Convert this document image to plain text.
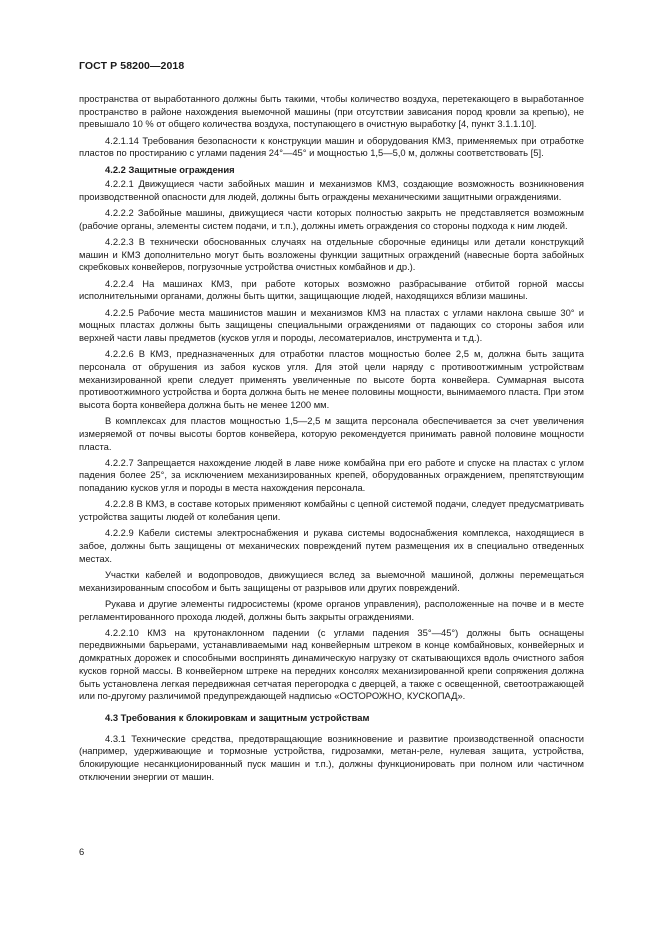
ГОСТ Р 58200—2018
пространства от выработанного должны быть такими, чтобы количество воздуха, перетекающего в выработанное пространство в районе нахождения выемочной машины (при отсутствии зависания пород кровли за крепью), не превышало 10 % от общего количества воздуха, поступающего в очистную выработку [4, пункт 3.1.1.10].
4.2.1.14 Требования безопасности к конструкции машин и оборудования КМЗ, применяемых при отработке пластов по простиранию с углами падения 24°—45° и мощностью 1,5—5,0 м, должны соответствовать [5].
4.2.2 Защитные ограждения
4.2.2.1 Движущиеся части забойных машин и механизмов КМЗ, создающие возможность возникновения производственной опасности для людей, должны быть ограждены механическими защитными ограждениями.
4.2.2.2 Забойные машины, движущиеся части которых полностью закрыть не представляется возможным (рабочие органы, элементы систем подачи, и т.п.), должны иметь ограждения со стороны подхода к ним людей.
4.2.2.3 В технически обоснованных случаях на отдельные сборочные единицы или детали конструкций машин и КМЗ дополнительно могут быть возложены функции защитных ограждений (навесные борта забойных скребковых конвейеров, погрузочные устройства очистных комбайнов и др.).
4.2.2.4 На машинах КМЗ, при работе которых возможно разбрасывание отбитой горной массы исполнительными органами, должны быть щитки, защищающие людей, находящихся вблизи машины.
4.2.2.5 Рабочие места машинистов машин и механизмов КМЗ на пластах с углами наклона свыше 30° и мощных пластах должны быть защищены специальными ограждениями от падающих со стороны забоя или верхней части лавы предметов (кусков угля и породы, лесоматериалов, инструмента и т.д.).
4.2.2.6 В КМЗ, предназначенных для отработки пластов мощностью более 2,5 м, должна быть защита персонала от обрушения из забоя кусков угля. Для этой цели наряду с противоотжимным устройствам механизированной крепи следует применять увеличенные по высоте борта конвейера. Суммарная высота противоотжимного устройства и борта должна быть не менее половины мощности, вынимаемого пласта. При этом высота борта конвейера должна быть не менее 1200 мм.
В комплексах для пластов мощностью 1,5—2,5 м защита персонала обеспечивается за счет увеличения измеряемой от почвы высоты бортов конвейера, которую рекомендуется принимать равной половине мощности пласта.
4.2.2.7 Запрещается нахождение людей в лаве ниже комбайна при его работе и спуске на пластах с углом падения более 25°, за исключением механизированных крепей, оборудованных ограждением, препятствующим попаданию кусков угля и породы в места нахождения персонала.
4.2.2.8 В КМЗ, в составе которых применяют комбайны с цепной системой подачи, следует предусматривать устройства защиты людей от колебания цепи.
4.2.2.9 Кабели системы электроснабжения и рукава системы водоснабжения комплекса, находящиеся в забое, должны быть защищены от механических повреждений путем размещения их в специально отведенных местах.
Участки кабелей и водопроводов, движущиеся вслед за выемочной машиной, должны перемещаться механизированным способом и быть защищены от разрывов или других повреждений.
Рукава и другие элементы гидросистемы (кроме органов управления), расположенные на почве и в месте регламентированного прохода людей, должны быть закрыты ограждениями.
4.2.2.10 КМЗ на крутонаклонном падении (с углами падения 35°—45°) должны быть оснащены передвижными барьерами, устанавливаемыми над конвейерным штреком в конце комбайновых, конвейерных и домкратных дорожек и способными воспринять динамическую нагрузку от скатывающихся вдоль очистного забоя кусков горной массы. В конвейерном штреке на передних консолях механизированной крепи сопряжения должна быть установлена легкая передвижная сетчатая перегородка с дверцей, а также с освещенной, светоотражающей или по-другому различимой предупреждающей надписью «ОСТОРОЖНО, КУСКОПАД».
4.3 Требования к блокировкам и защитным устройствам
4.3.1 Технические средства, предотвращающие возникновение и развитие производственной опасности (например, удерживающие и тормозные устройства, гидрозамки, метан-реле, нулевая защита, устройства, блокирующие несанкционированный пуск машин и т.п.), должны функционировать при полном или частичном отключении энергии от машин.
6
